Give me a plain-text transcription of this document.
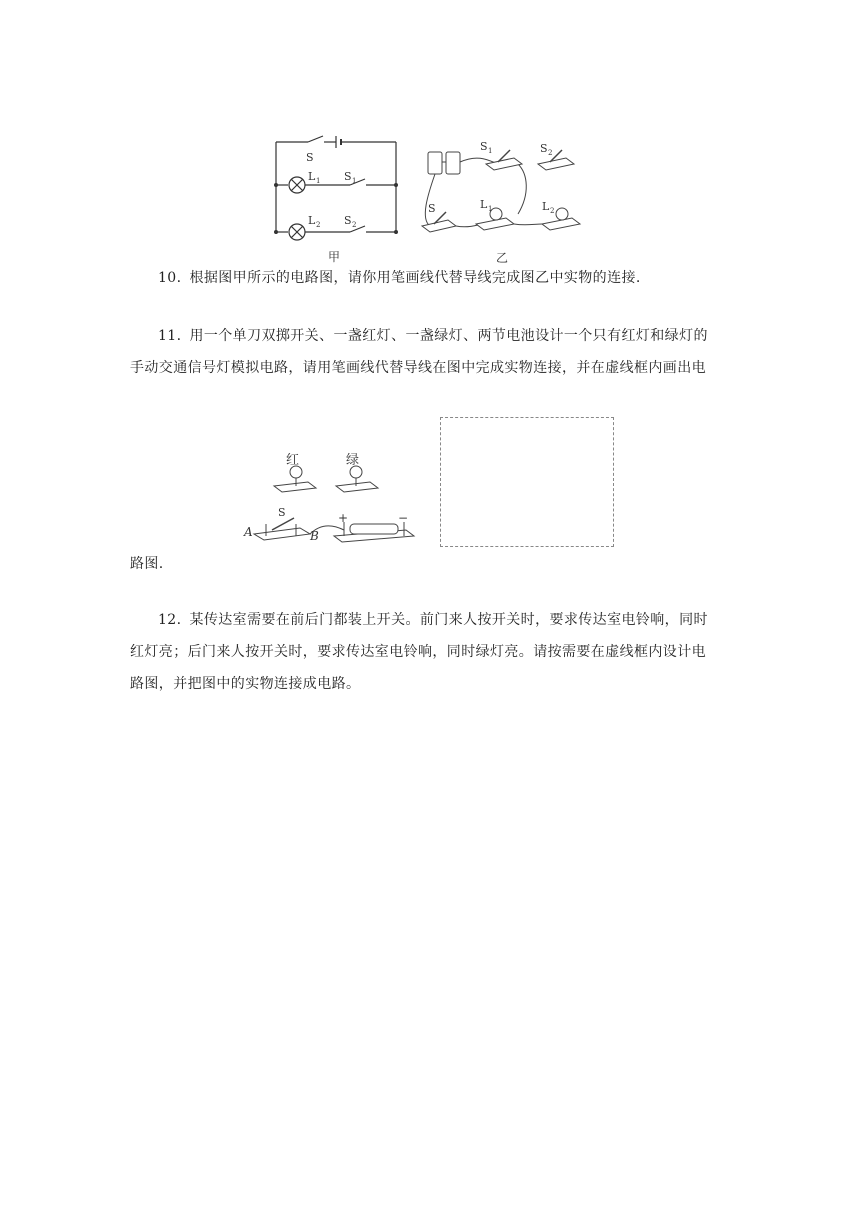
S
L 1 S 1
L 2 S 2
甲
S 1	S 2
S	L 1	L 2
乙

10. 根据图甲所示的电路图，请你用笔画线代替导线完成图乙中实物的连接.

11. 用一个单刀双掷开关、一盏红灯、一盏绿灯、两节电池设计一个只有红灯和绿灯的
手动交通信号灯模拟电路，请用笔画线代替导线在图中完成实物连接，并在虚线框内画出电

红	绿
S
A	B
+	−

路图.

12. 某传达室需要在前后门都装上开关。前门来人按开关时，要求传达室电铃响，同时
红灯亮；后门来人按开关时，要求传达室电铃响，同时绿灯亮。请按需要在虚线框内设计电
路图，并把图中的实物连接成电路。
